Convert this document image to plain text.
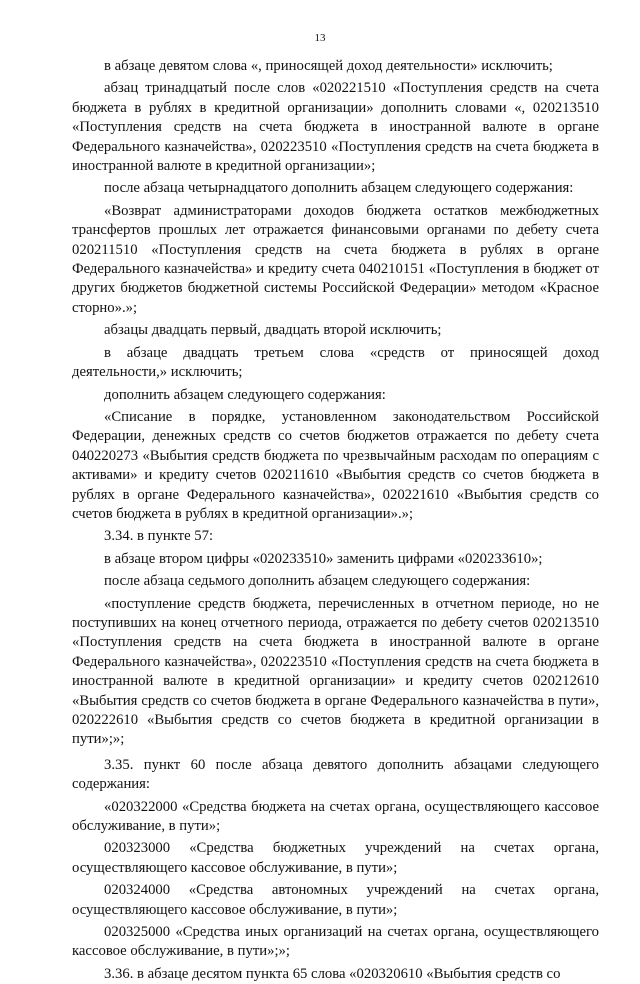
13

в абзаце девятом слова «, приносящей доход деятельности» исключить;

абзац тринадцатый после слов «020221510 «Поступления средств на счета бюджета в рублях в кредитной организации» дополнить словами «, 020213510 «Поступления средств на счета бюджета в иностранной валюте в органе Федерального казначейства», 020223510 «Поступления средств на счета бюджета в иностранной валюте в кредитной организации»;

после абзаца четырнадцатого дополнить абзацем следующего содержания:

«Возврат администраторами доходов бюджета остатков межбюджетных трансфертов прошлых лет отражается финансовыми органами по дебету счета 020211510 «Поступления средств на счета бюджета в рублях в органе Федерального казначейства» и кредиту счета 040210151 «Поступления в бюджет от других бюджетов бюджетной системы Российской Федерации» методом «Красное сторно».»;

абзацы двадцать первый, двадцать второй исключить;

в абзаце двадцать третьем слова «средств от приносящей доход деятельности,» исключить;

дополнить абзацем следующего содержания:

«Списание в порядке, установленном законодательством Российской Федерации, денежных средств со счетов бюджетов отражается по дебету счета 040220273 «Выбытия средств бюджета по чрезвычайным расходам по операциям с активами» и кредиту счетов 020211610 «Выбытия средств со счетов бюджета в рублях в органе Федерального казначейства», 020221610 «Выбытия средств со счетов бюджета в рублях в кредитной организации».»;

3.34. в пункте 57:

в абзаце втором цифры «020233510» заменить цифрами «020233610»;

после абзаца седьмого дополнить абзацем следующего содержания:

«поступление средств бюджета, перечисленных в отчетном периоде, но не поступивших на конец отчетного периода, отражается по дебету счетов 020213510 «Поступления средств на счета бюджета в иностранной валюте в органе Федерального казначейства», 020223510 «Поступления средств на счета бюджета в иностранной валюте в кредитной организации» и кредиту счетов 020212610 «Выбытия средств со счетов бюджета в органе Федерального казначейства в пути», 020222610 «Выбытия средств со счетов бюджета в кредитной организации в пути»;»;

3.35. пункт 60 после абзаца девятого дополнить абзацами следующего содержания:

«020322000 «Средства бюджета на счетах органа, осуществляющего кассовое обслуживание, в пути»;

020323000 «Средства бюджетных учреждений на счетах органа, осуществляющего кассовое обслуживание, в пути»;

020324000 «Средства автономных учреждений на счетах органа, осуществляющего кассовое обслуживание, в пути»;

020325000 «Средства иных организаций на счетах органа, осуществляющего кассовое обслуживание, в пути»;»;

3.36. в абзаце десятом пункта 65 слова «020320610 «Выбытия средств со
